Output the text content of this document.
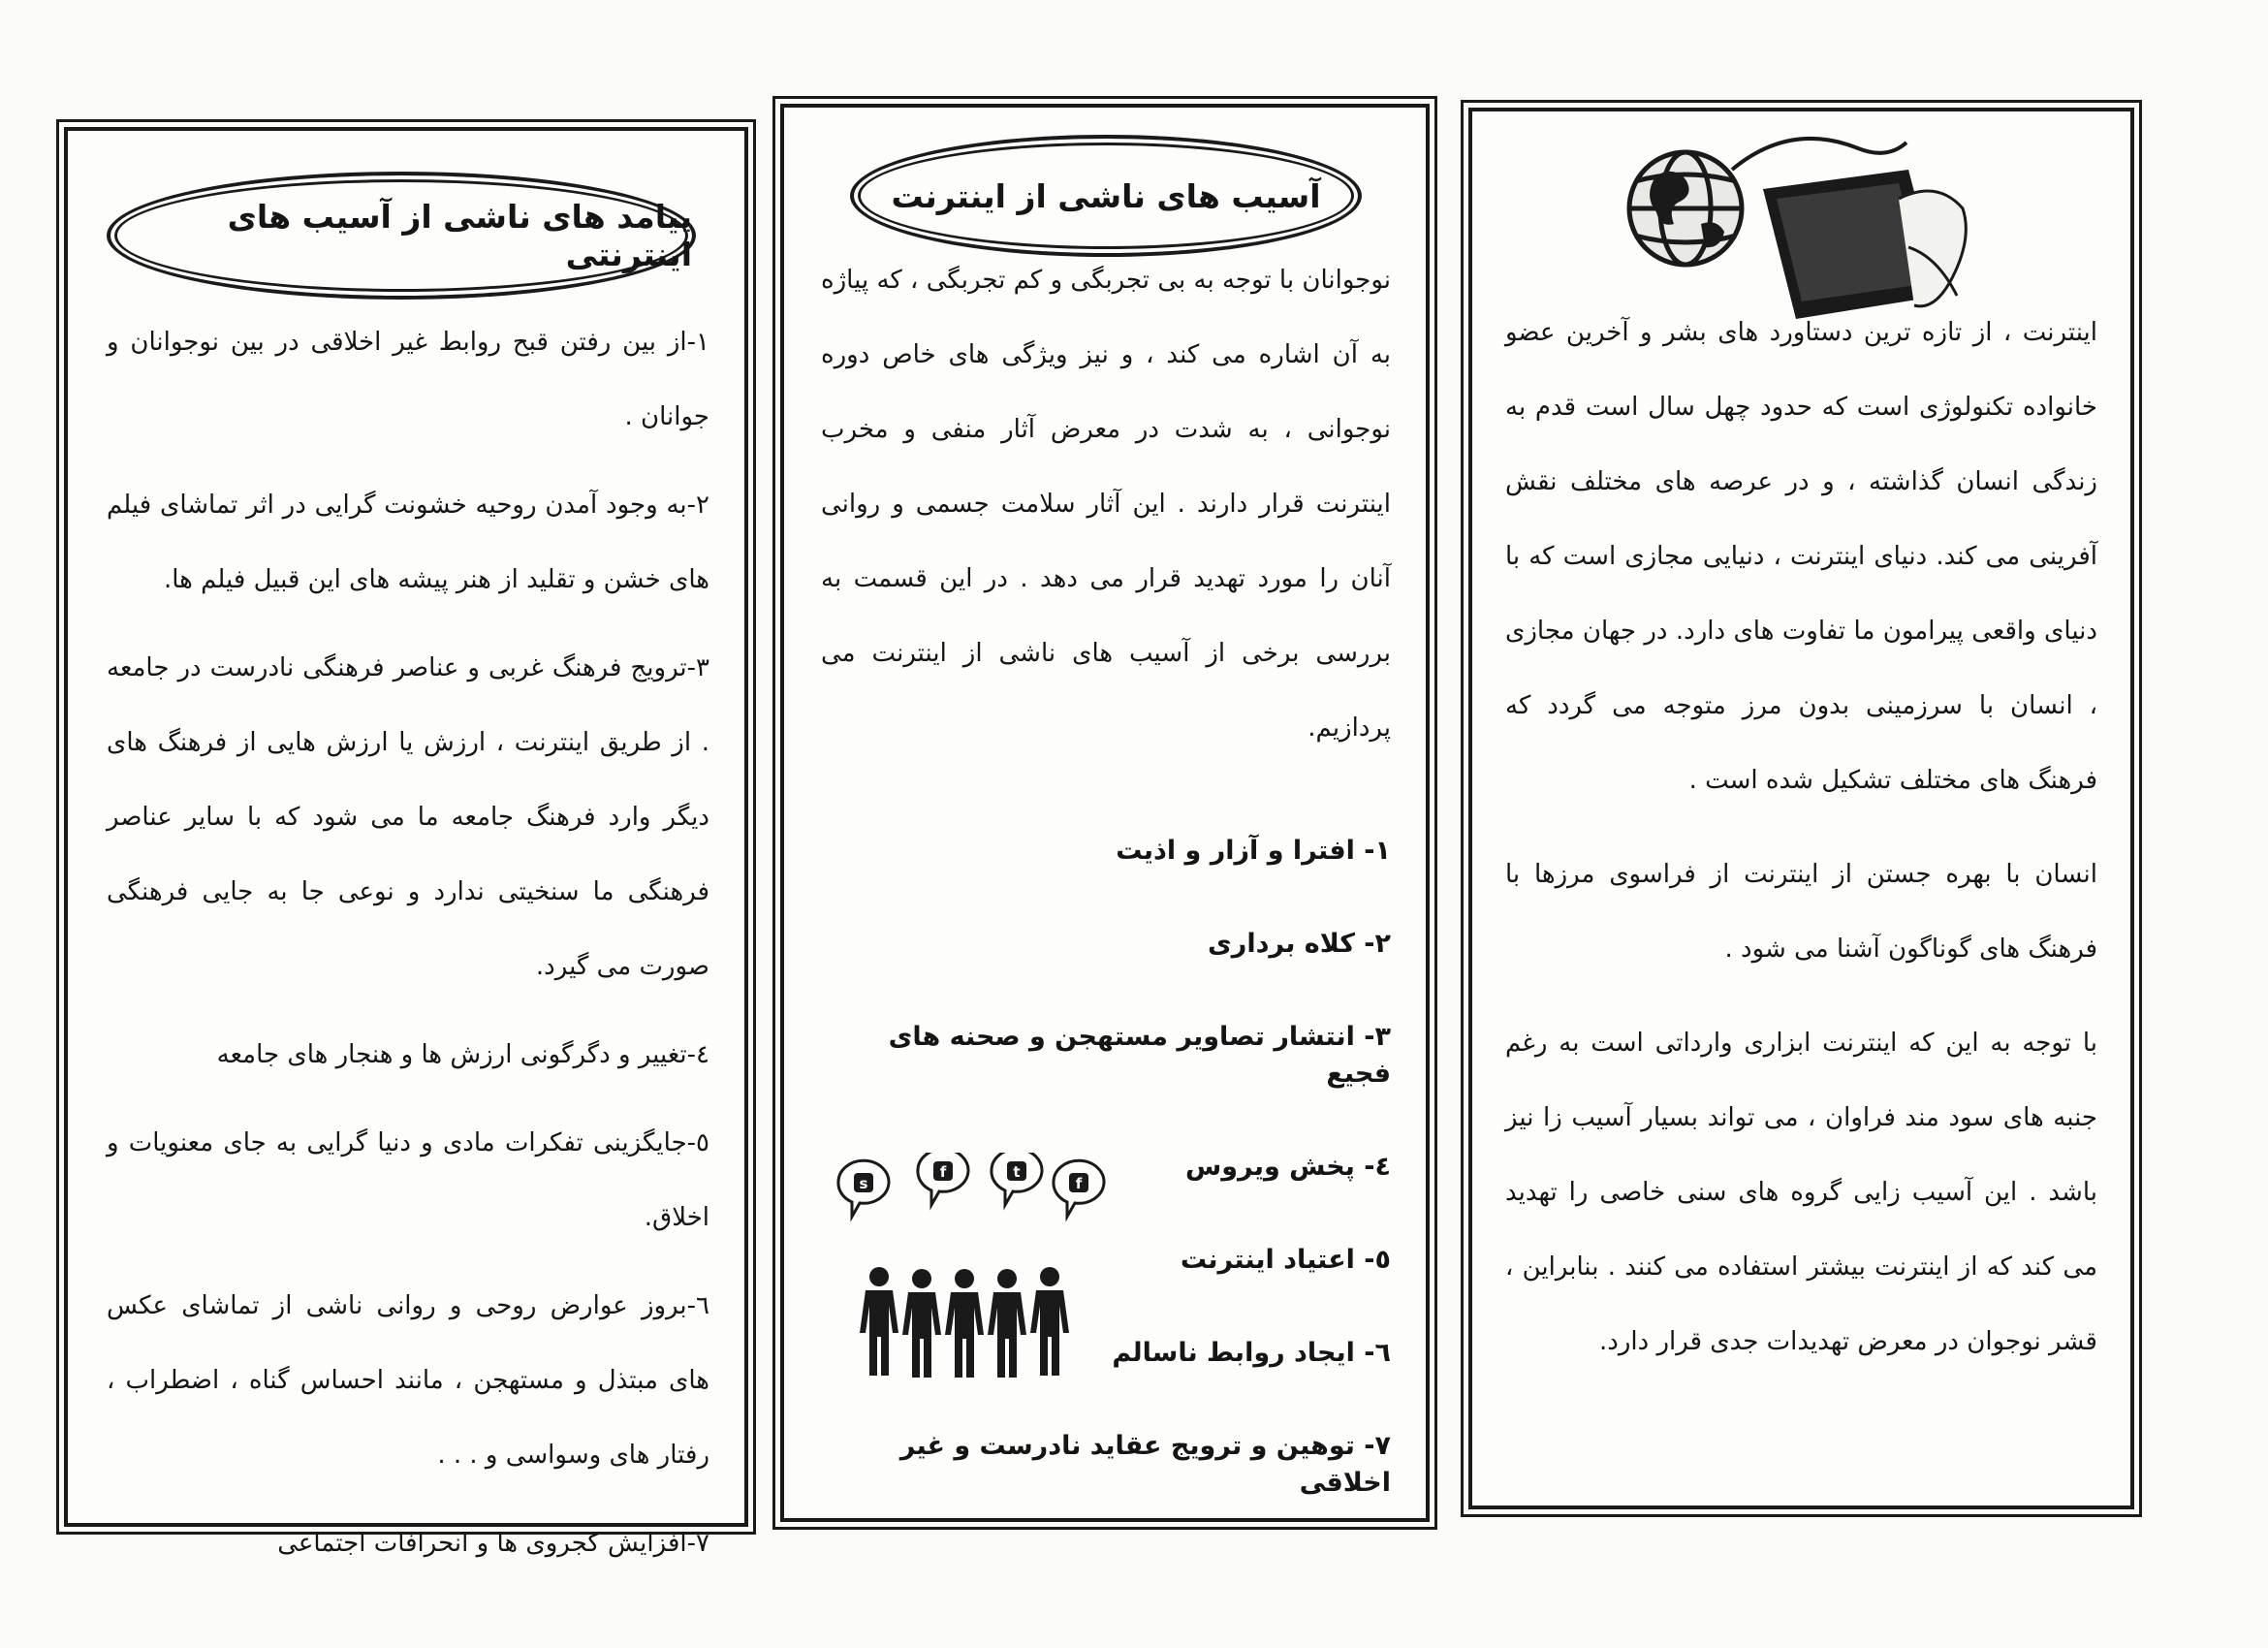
پیامد های ناشی از آسیب های اینترنتی

۱-از بین رفتن قبح روابط غیر اخلاقی در بین نوجوانان و جوانان .

۲-به وجود آمدن روحیه خشونت گرایی در اثر تماشای فیلم های خشن و تقلید از هنر پیشه های این قبیل فیلم ها.

۳-ترویج فرهنگ غربی و عناصر فرهنگی نادرست در جامعه . از طریق اینترنت ، ارزش یا ارزش هایی از فرهنگ های دیگر وارد فرهنگ جامعه ما می شود که با سایر عناصر فرهنگی ما سنخیتی ندارد و نوعی جا به جایی فرهنگی صورت می گیرد.

٤-تغییر و دگرگونی ارزش ها و هنجار های جامعه

٥-جایگزینی تفکرات مادی و دنیا گرایی به جای معنویات و اخلاق.

٦-بروز عوارض روحی و روانی ناشی از تماشای عکس های مبتذل و مستهجن ، مانند احساس گناه ، اضطراب ، رفتار های وسواسی و . . .

۷-افزایش کجروی ها و انحرافات اجتماعی

آسیب های ناشی از اینترنت

نوجوانان با توجه به بی تجربگی و کم تجربگی ، که پیاژه به آن اشاره می کند ، و نیز ویژگی های خاص دوره نوجوانی ، به شدت در معرض آثار منفی و مخرب اینترنت قرار دارند . این آثار سلامت جسمی و روانی آنان را مورد تهدید قرار می دهد . در این قسمت به بررسی برخی از آسیب های ناشی از اینترنت می پردازیم.

۱- افترا و آزار و اذیت
۲- کلاه برداری
۳- انتشار تصاویر مستهجن و صحنه های فجیع
٤- پخش ویروس
٥- اعتیاد اینترنت
٦- ایجاد روابط ناسالم
۷- توهین و ترویج عقاید نادرست و غیر اخلاقی
s
f	t
f

اینترنت ، از تازه ترین دستاورد های بشر و آخرین عضو خانواده تکنولوژی است که حدود چهل سال است قدم به زندگی انسان گذاشته ، و در عرصه های مختلف نقش آفرینی می کند. دنیای اینترنت ، دنیایی مجازی است که با دنیای واقعی پیرامون ما تفاوت های دارد. در جهان مجازی ، انسان با سرزمینی بدون مرز متوجه می گردد که فرهنگ های مختلف تشکیل شده است .

انسان با بهره جستن از اینترنت از فراسوی مرزها با فرهنگ های گوناگون آشنا می شود .

با توجه به این که اینترنت ابزاری وارداتی است به رغم جنبه های سود مند فراوان ، می تواند بسیار آسیب زا نیز باشد . این آسیب زایی گروه های سنی خاصی را تهدید می کند که از اینترنت بیشتر استفاده می کنند . بنابراین ، قشر نوجوان در معرض تهدیدات جدی قرار دارد.
